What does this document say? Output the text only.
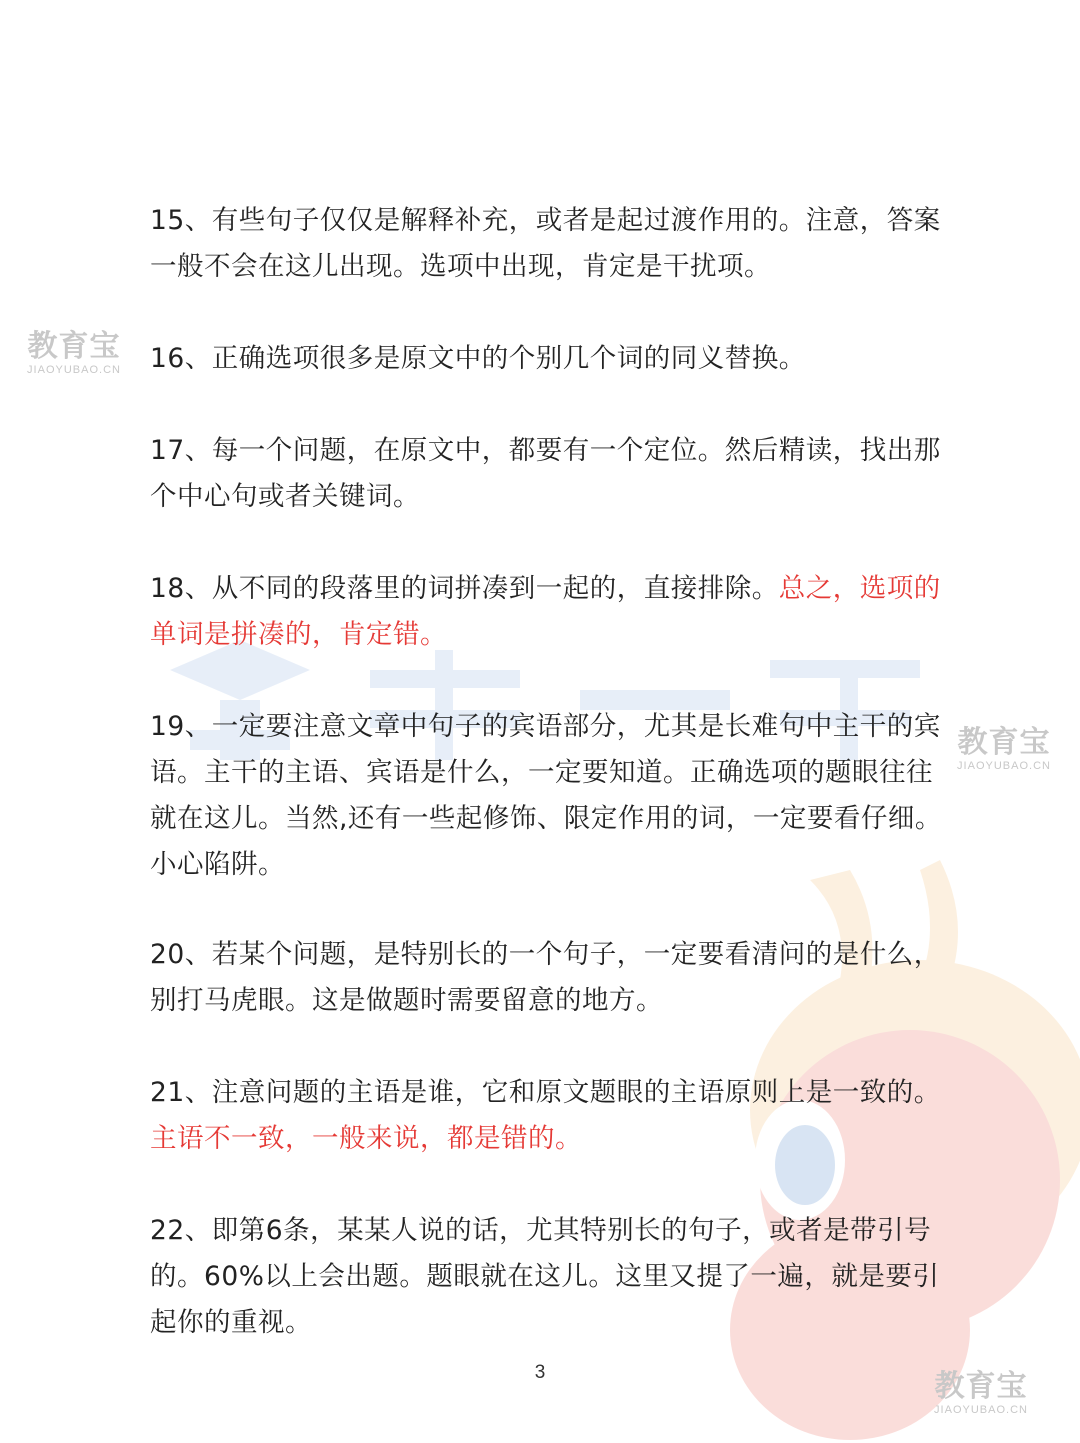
教育宝
JIAOYUBAO.CN
教育宝
JIAOYUBAO.CN
教育宝
JIAOYUBAO.CN

15、有些句子仅仅是解释补充，或者是起过渡作用的。注意，答案一般不会在这儿出现。选项中出现，肯定是干扰项。

16、正确选项很多是原文中的个别几个词的同义替换。

17、每一个问题，在原文中，都要有一个定位。然后精读，找出那个中心句或者关键词。

18、从不同的段落里的词拼凑到一起的，直接排除。总之，选项的单词是拼凑的，肯定错。

19、一定要注意文章中句子的宾语部分，尤其是长难句中主干的宾语。主干的主语、宾语是什么，一定要知道。正确选项的题眼往往就在这儿。当然,还有一些起修饰、限定作用的词，一定要看仔细。小心陷阱。

20、若某个问题，是特别长的一个句子，一定要看清问的是什么，别打马虎眼。这是做题时需要留意的地方。

21、注意问题的主语是谁，它和原文题眼的主语原则上是一致的。主语不一致，一般来说，都是错的。

22、即第6条，某某人说的话，尤其特别长的句子，或者是带引号的。60%以上会出题。题眼就在这儿。这里又提了一遍，就是要引起你的重视。

3
